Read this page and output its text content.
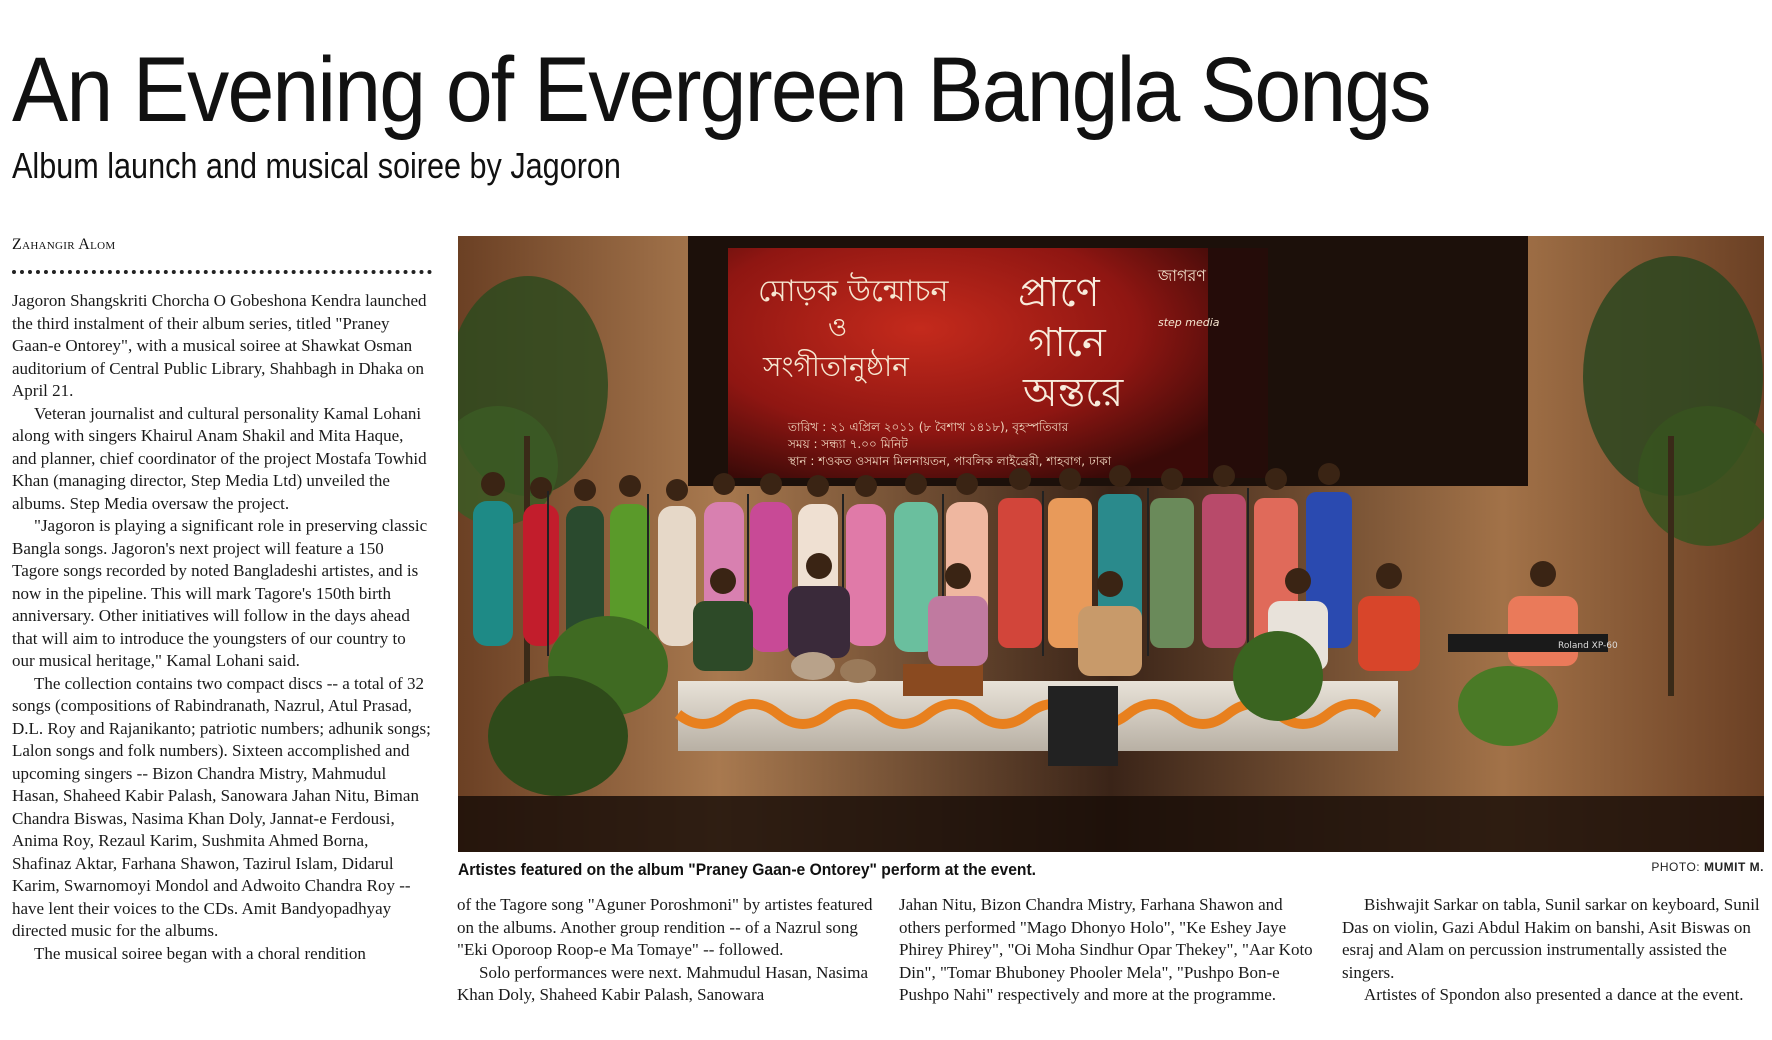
An Evening of Evergreen Bangla Songs
Album launch and musical soiree by Jagoron
Zahangir Alom

Jagoron Shangskriti Chorcha O Gobeshona Kendra launched the third instalment of their album series, titled "Praney Gaan-e Ontorey", with a musical soiree at Shawkat Osman auditorium of Central Public Library, Shahbagh in Dhaka on April 21.

Veteran journalist and cultural personality Kamal Lohani along with singers Khairul Anam Shakil and Mita Haque, and planner, chief coordinator of the project Mostafa Towhid Khan (managing director, Step Media Ltd) unveiled the albums. Step Media oversaw the project.

"Jagoron is playing a significant role in preserving classic Bangla songs. Jagoron's next project will feature a 150 Tagore songs recorded by noted Bangladeshi artistes, and is now in the pipeline. This will mark Tagore's 150th birth anniversary. Other initiatives will follow in the days ahead that will aim to introduce the youngsters of our country to our musical heritage," Kamal Lohani said.

The collection contains two compact discs -- a total of 32 songs (compositions of Rabindranath, Nazrul, Atul Prasad, D.L. Roy and Rajanikanto; patriotic numbers; adhunik songs; Lalon songs and folk numbers). Sixteen accomplished and upcoming singers -- Bizon Chandra Mistry, Mahmudul Hasan, Shaheed Kabir Palash, Sanowara Jahan Nitu, Biman Chandra Biswas, Nasima Khan Doly, Jannat-e Ferdousi, Anima Roy, Rezaul Karim, Sushmita Ahmed Borna, Shafinaz Aktar, Farhana Shawon, Tazirul Islam, Didarul Karim, Swarnomoyi Mondol and Adwoito Chandra Roy -- have lent their voices to the CDs. Amit Bandyopadhyay directed music for the albums.

The musical soiree began with a choral rendition

মোড়ক উন্মোচন
ও
সংগীতানুষ্ঠান
প্রাণে
গানে
অন্তরে
তারিখ : ২১ এপ্রিল ২০১১ (৮ বৈশাখ ১৪১৮), বৃহস্পতিবার
সময় : সন্ধ্যা ৭.০০ মিনিট
স্থান : শওকত ওসমান মিলনায়তন, পাবলিক লাইব্রেরী, শাহবাগ, ঢাকা
জাগরণ
step media
Roland XP-60

Artistes featured on the album "Praney Gaan-e Ontorey" perform at the event.	PHOTO: MUMIT M.

of the Tagore song "Aguner Poroshmoni" by artistes featured on the albums. Another group rendition -- of a Nazrul song "Eki Oporoop Roop-e Ma Tomaye" -- followed.

Solo performances were next. Mahmudul Hasan, Nasima Khan Doly, Shaheed Kabir Palash, Sanowara

Jahan Nitu, Bizon Chandra Mistry, Farhana Shawon and others performed "Mago Dhonyo Holo", "Ke Eshey Jaye Phirey Phirey", "Oi Moha Sindhur Opar Thekey", "Aar Koto Din", "Tomar Bhuboney Phooler Mela", "Pushpo Bon-e Pushpo Nahi" respectively and more at the programme.

Bishwajit Sarkar on tabla, Sunil sarkar on keyboard, Sunil Das on violin, Gazi Abdul Hakim on banshi, Asit Biswas on esraj and Alam on percussion instrumentally assisted the singers.

Artistes of Spondon also presented a dance at the event.
